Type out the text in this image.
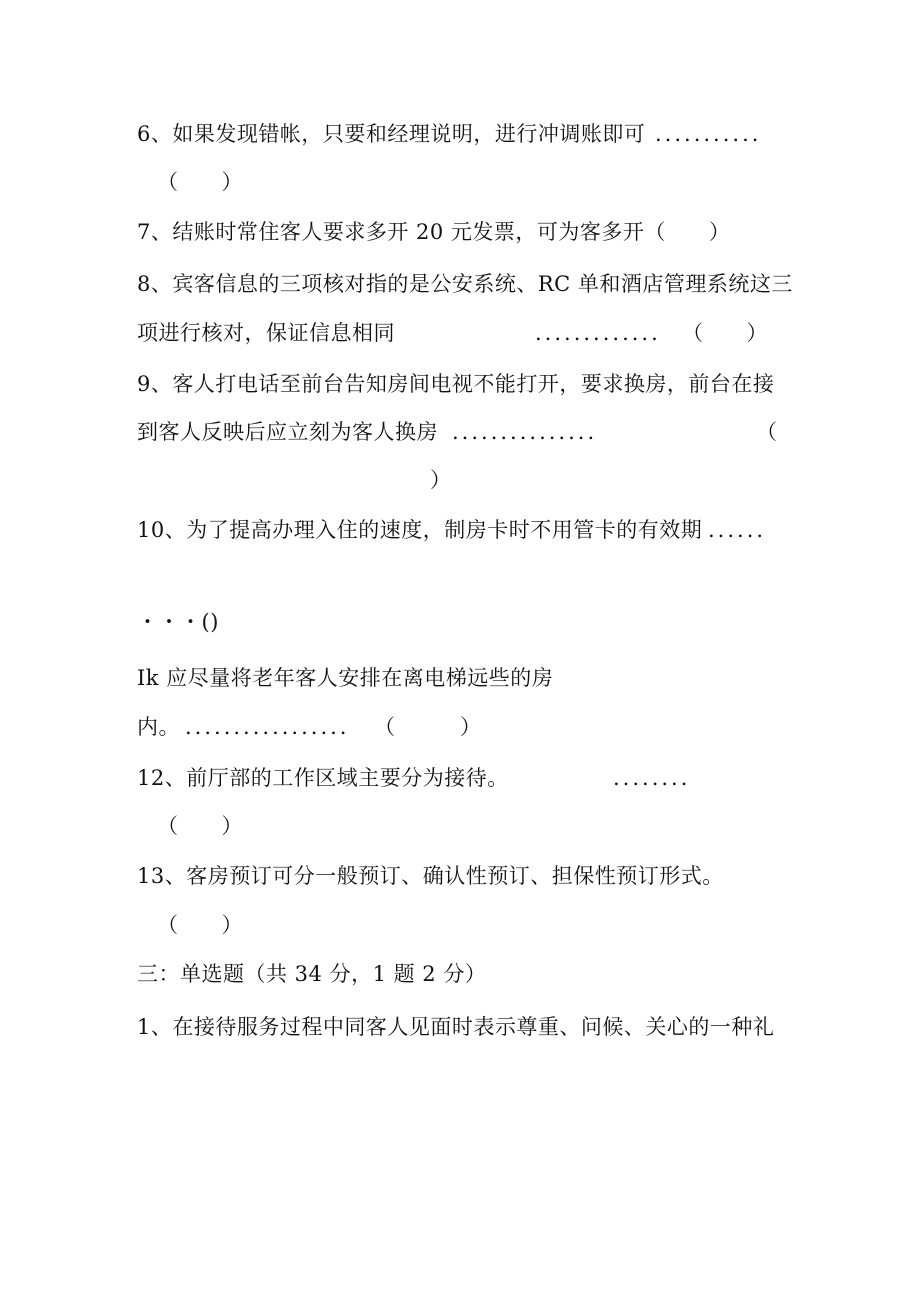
6、如果发现错帐，只要和经理说明，进行冲调账即可 ...........
（　　）
7、结账时常住客人要求多开 20 元发票，可为客多开（　　）
8、宾客信息的三项核对指的是公安系统、RC 单和酒店管理系统这三
项进行核对，保证信息相同	............. （　　）
9、客人打电话至前台告知房间电视不能打开，要求换房，前台在接
到客人反映后应立刻为客人换房 ...............	（
）
10、为了提高办理入住的速度，制房卡时不用管卡的有效期 ......
・・・()
Ik 应尽量将老年客人安排在离电梯远些的房
内。 ................. （　　　）
12、前厅部的工作区域主要分为接待。	........
（　　）
13、客房预订可分一般预订、确认性预订、担保性预订形式。
（　　）
三：单选题（共 34 分，1 题 2 分）
1、在接待服务过程中同客人见面时表示尊重、问候、关心的一种礼
